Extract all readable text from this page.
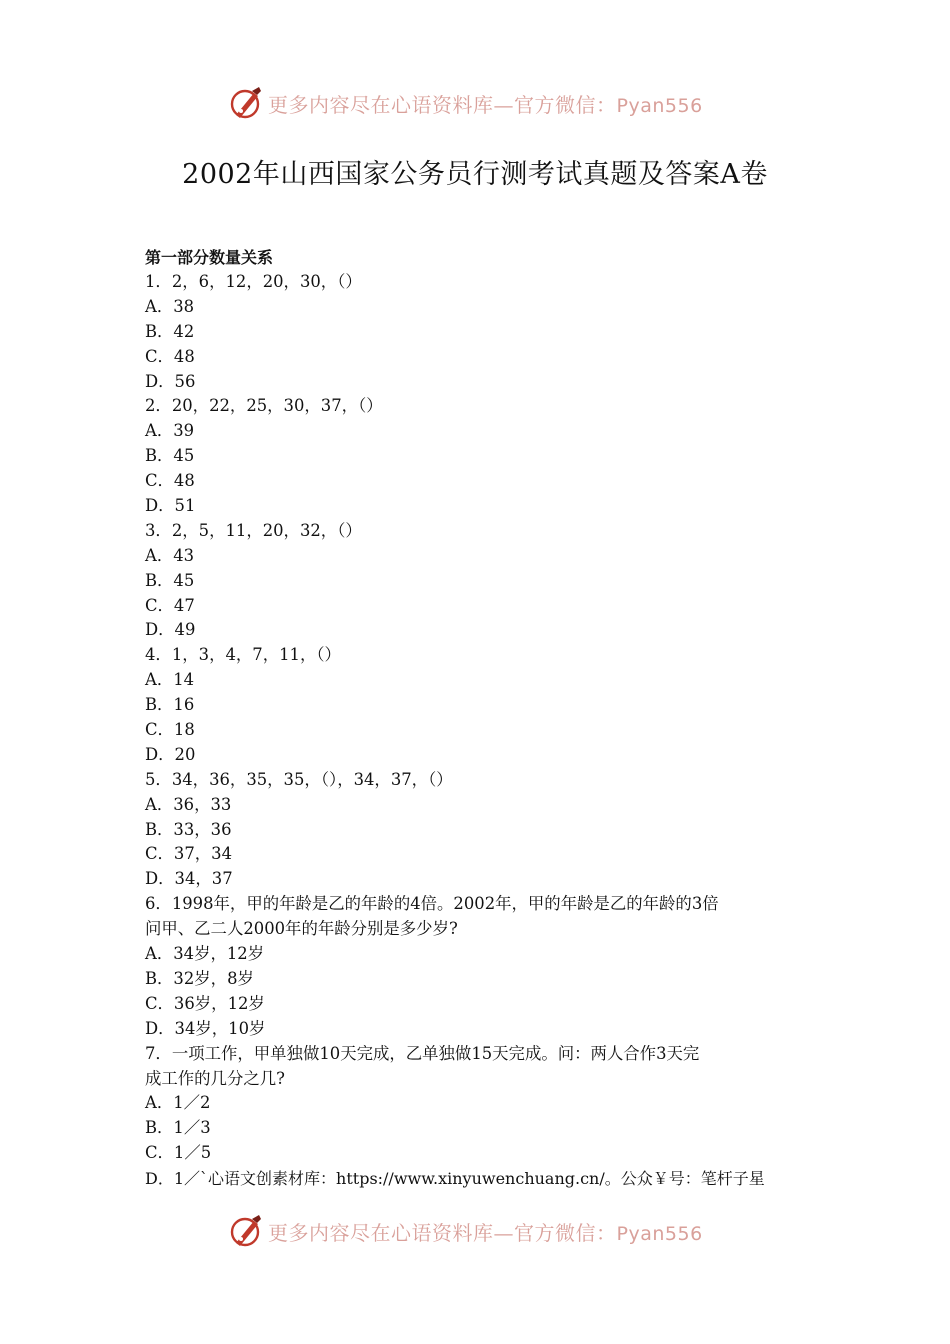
更多内容尽在心语资料库—官方微信：Pyan556
2002年山西国家公务员行测考试真题及答案A卷
第一部分数量关系
1．2，6，12，20，30，（）
A．38
B．42
C．48
D．56
2．20，22，25，30，37，（）
A．39
B．45
C．48
D．51
3．2，5，11，20，32，（）
A．43
B．45
C．47
D．49
4．1，3，4，7，11，（）
A．14
B．16
C．18
D．20
5．34，36，35，35，（），34，37，（）
A．36，33
B．33，36
C．37，34
D．34，37
6．1998年，甲的年龄是乙的年龄的4倍。2002年，甲的年龄是乙的年龄的3倍
问甲、乙二人2000年的年龄分别是多少岁?
A．34岁，12岁
B．32岁，8岁
C．36岁，12岁
D．34岁，10岁
7．一项工作，甲单独做10天完成，乙单独做15天完成。问：两人合作3天完
成工作的几分之几?
A．1／2
B．1／3
C．1／5
D．1／`心语文创素材库：https://www.xinyuwenchuang.cn/。公众￥号：笔杆子星
更多内容尽在心语资料库—官方微信：Pyan556
